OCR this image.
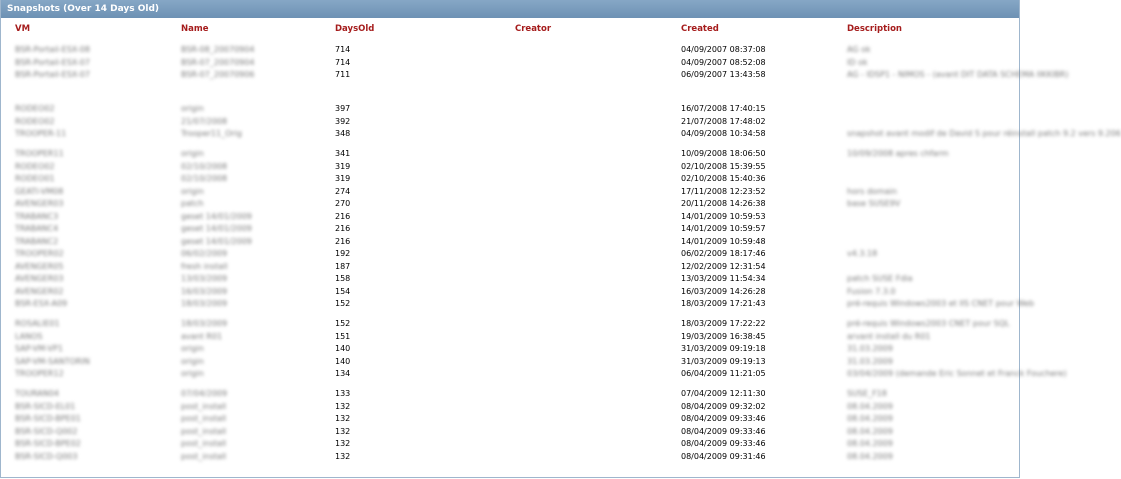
Snapshots (Over 14 Days Old)
VM	Name	DaysOld	Creator	Created	Description
BSR-Portail-ESX-08	BSR-08_20070904	714		04/09/2007 08:37:08	AG ok
BSR-Portail-ESX-07	BSR-07_20070904	714		04/09/2007 08:52:08	ID ok
BSR-Portail-ESX-07	BSR-07_20070906	711		06/09/2007 13:43:58	AG - IDSP1 - NIMOS - (avant DIT DATA SCHEMA IIKKIBR)

RODEO02	origin	397		16/07/2008 17:40:15	
RODEO02	21/07/2008	392		21/07/2008 17:48:02	
TROOPER-11	Trooper11_Orig	348		04/09/2008 10:34:58	snapshot avant modif de David S pour réinstall patch 9.2 vers 9.206
TROOPER11	origin	341		10/09/2008 18:06:50	10/09/2008 apres chfarm
RODEO02	02/10/2008	319		02/10/2008 15:39:55	
RODEO01	02/10/2008	319		02/10/2008 15:40:36	
GEATI-VM08	origin	274		17/11/2008 12:23:52	hors domain
AVENGER03	patch	270		20/11/2008 14:26:38	base SUSE9V
TRABANC3	geset 14/01/2009	216		14/01/2009 10:59:53	
TRABANC4	geset 14/01/2009	216		14/01/2009 10:59:57	
TRABANC2	geset 14/01/2009	216		14/01/2009 10:59:48	
TROOPER02	06/02/2009	192		06/02/2009 18:17:46	v4.3.18
AVENGER05	fresh install	187		12/02/2009 12:31:54	
AVENGER03	13/03/2009	158		13/03/2009 11:54:34	patch SUSE Fdia
AVENGER02	16/03/2009	154		16/03/2009 14:26:28	Fusion 7.3.0
BSR-ESX-A09	18/03/2009	152		18/03/2009 17:21:43	pré-requis Windows2003 et IIS CNET pour Web
ROSALIE01	18/03/2009	152		18/03/2009 17:22:22	pré-requis Windows2003 CNET pour SQL
LANOS	avant R01	151		19/03/2009 16:38:45	arvant install du R01
SAP-VM-VP1	origin	140		31/03/2009 09:19:18	31.03.2009
SAP-VM-SANTORIN	origin	140		31/03/2009 09:19:13	31.03.2009
TROOPER12	origin	134		06/04/2009 11:21:05	03/04/2009 (demande Eric Sonnet et Franck Fouchere)
TOURAN04	07/04/2009	133		07/04/2009 12:11:30	SUSE_F18
BSR-SICD-EL01	post_install	132		08/04/2009 09:32:02	08.04.2009
BSR-SICD-BPE01	post_install	132		08/04/2009 09:33:46	08.04.2009
BSR-SICD-Q002	post_install	132		08/04/2009 09:33:46	08.04.2009
BSR-SICD-BPE02	post_install	132		08/04/2009 09:33:46	08.04.2009
BSR-SICD-Q003	post_install	132		08/04/2009 09:31:46	08.04.2009
